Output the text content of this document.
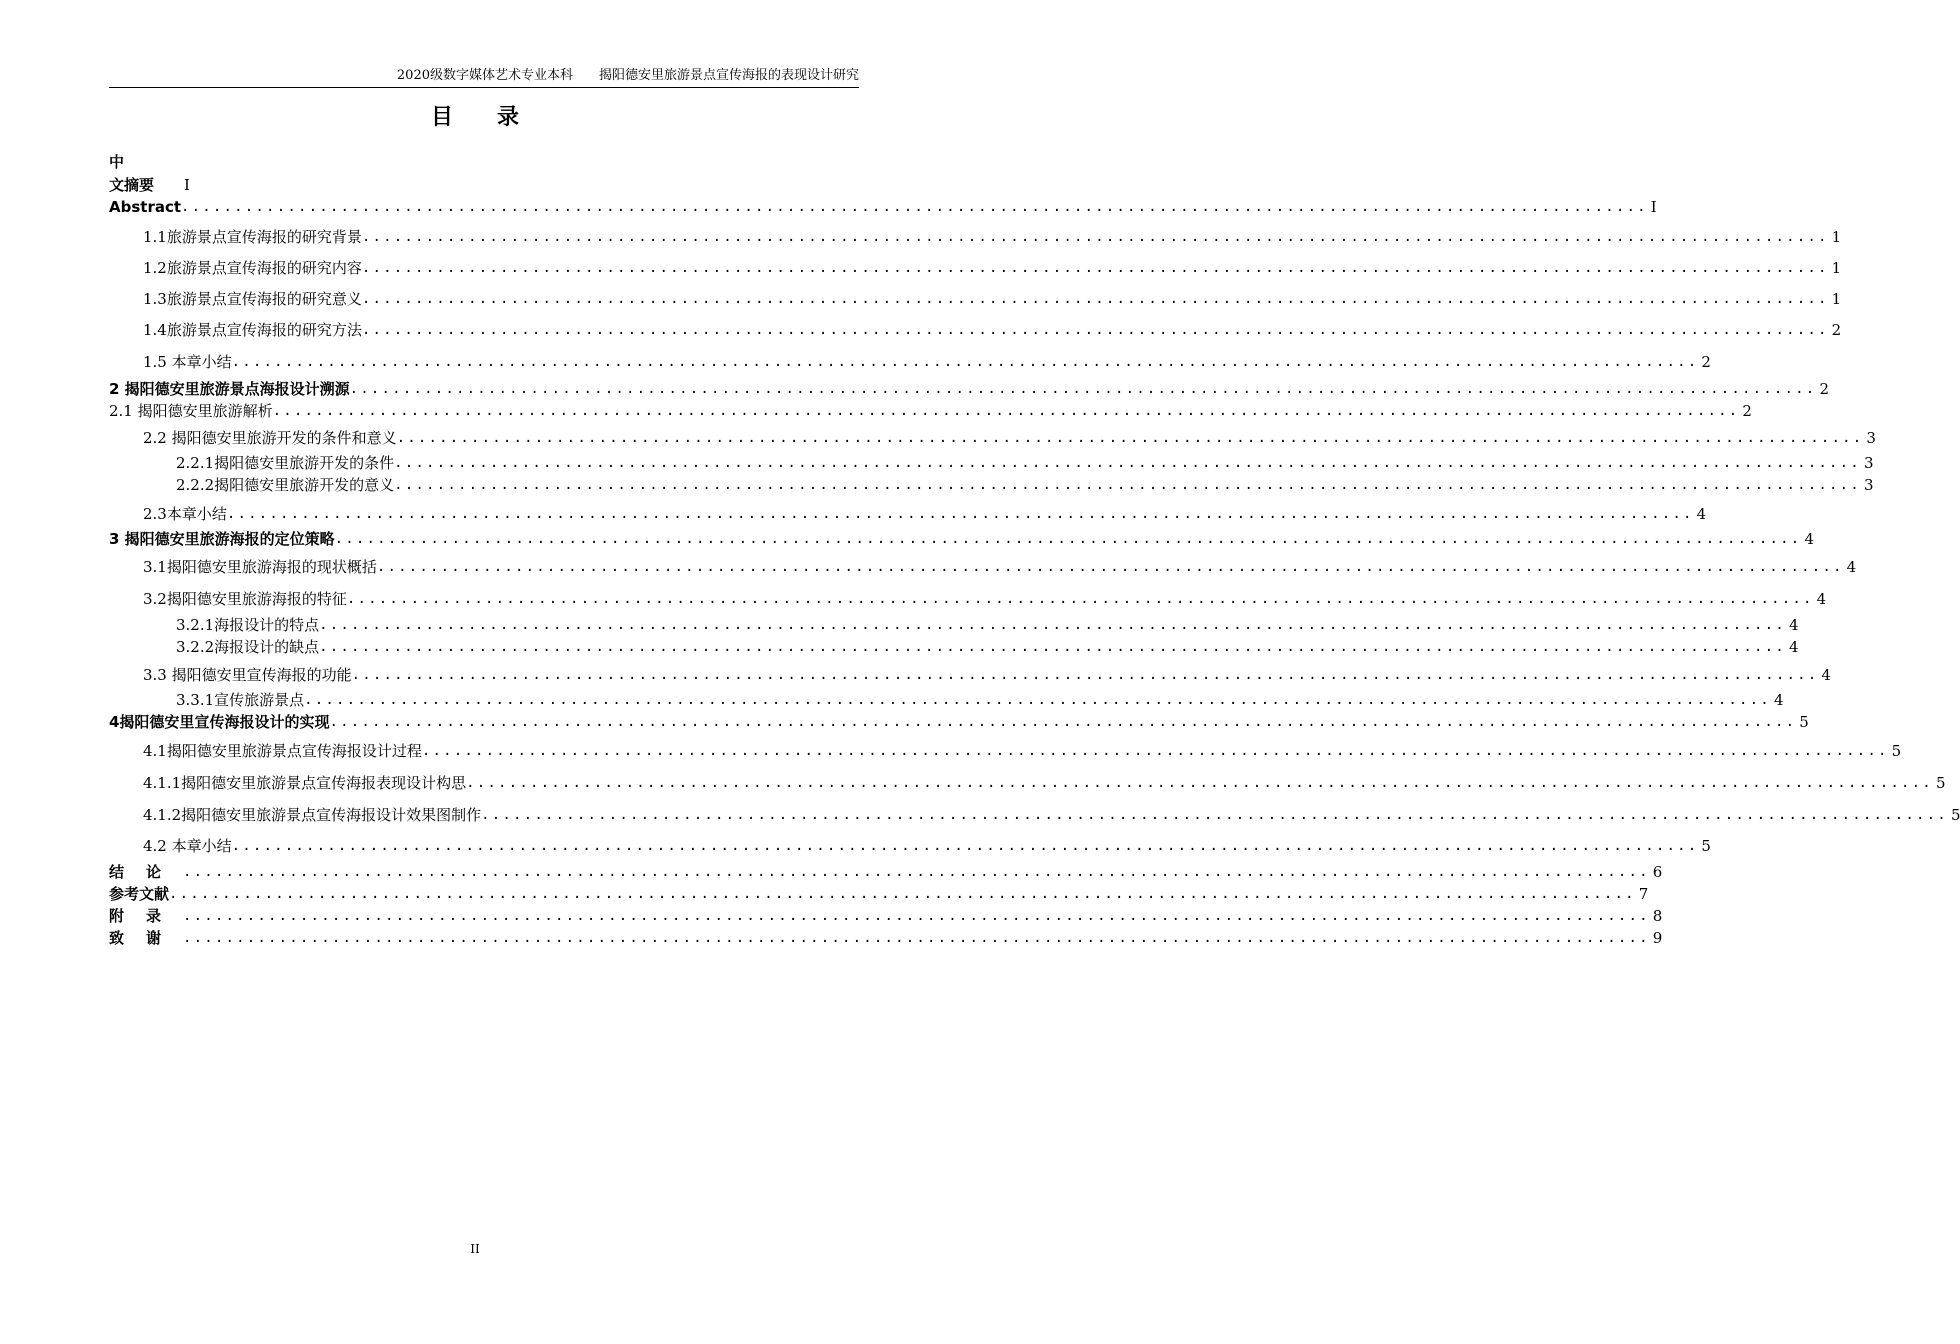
2020级数字媒体艺术专业本科　　揭阳德安里旅游景点宣传海报的表现设计研究
目录
中
文摘要 Ⅰ
Abstract .......................................................................................................................................... Ⅰ
1.1旅游景点宣传海报的研究背景 .......................................................................................................................................... 1
1.2旅游景点宣传海报的研究内容 .......................................................................................................................................... 1
1.3旅游景点宣传海报的研究意义 .......................................................................................................................................... 1
1.4旅游景点宣传海报的研究方法 .......................................................................................................................................... 2
1.5 本章小结 .......................................................................................................................................... 2
2 揭阳德安里旅游景点海报设计溯源 .......................................................................................................................................... 2
2.1 揭阳德安里旅游解析 .......................................................................................................................................... 2
2.2 揭阳德安里旅游开发的条件和意义 .......................................................................................................................................... 3
2.2.1揭阳德安里旅游开发的条件 .......................................................................................................................................... 3
2.2.2揭阳德安里旅游开发的意义 .......................................................................................................................................... 3
2.3本章小结 .......................................................................................................................................... 4
3 揭阳德安里旅游海报的定位策略 .......................................................................................................................................... 4
3.1揭阳德安里旅游海报的现状概括 .......................................................................................................................................... 4
3.2揭阳德安里旅游海报的特征 .......................................................................................................................................... 4
3.2.1海报设计的特点 .......................................................................................................................................... 4
3.2.2海报设计的缺点 .......................................................................................................................................... 4
3.3 揭阳德安里宣传海报的功能 .......................................................................................................................................... 4
3.3.1宣传旅游景点 .......................................................................................................................................... 4
4揭阳德安里宣传海报设计的实现 .......................................................................................................................................... 5
4.1揭阳德安里旅游景点宣传海报设计过程 .......................................................................................................................................... 5
4.1.1揭阳德安里旅游景点宣传海报表现设计构思 .......................................................................................................................................... 5
4.1.2揭阳德安里旅游景点宣传海报设计效果图制作 .......................................................................................................................................... 5
4.2 本章小结 .......................................................................................................................................... 5
结论 .......................................................................................................................................... 6
参考文献 .......................................................................................................................................... 7
附录 .......................................................................................................................................... 8
致谢 .......................................................................................................................................... 9
II
